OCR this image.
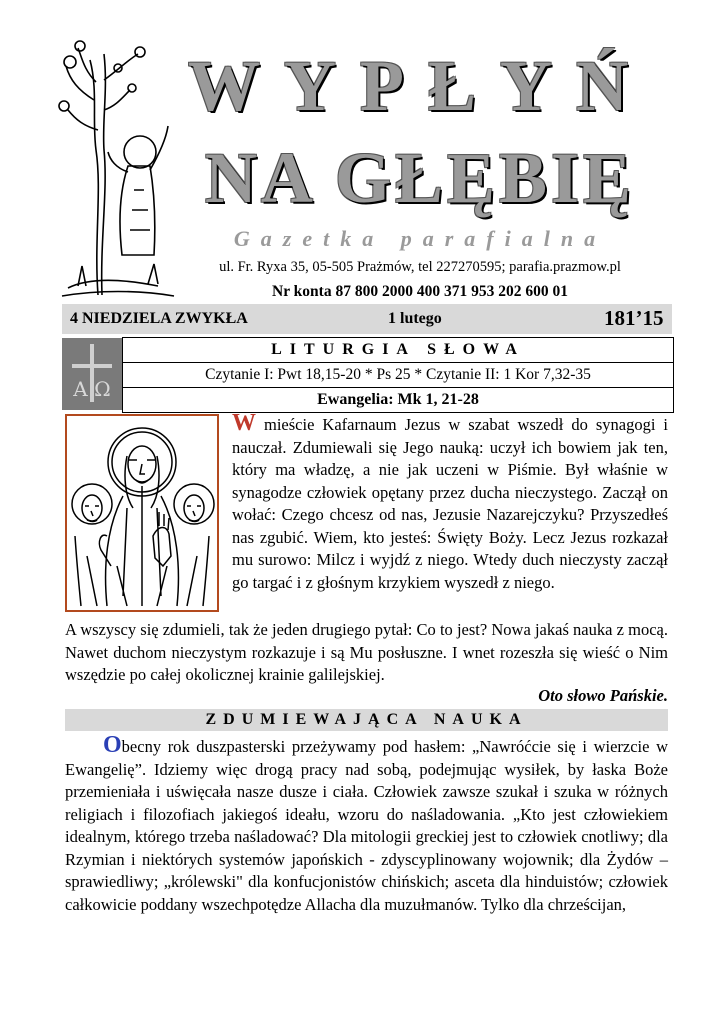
WYPŁYŃ
NA GŁĘBIĘ
Gazetka parafialna
ul. Fr. Ryxa 35, 05-505 Prażmów, tel 227270595; parafia.prazmow.pl
Nr konta 87 800 2000 400 371 953 202 600 01
4 NIEDZIELA ZWYKŁA	1 lutego	181’15
A Ω
LITURGIA SŁOWA
Czytanie I: Pwt 18,15-20 * Ps 25 * Czytanie II: 1 Kor 7,32-35
Ewangelia: Mk 1, 21-28
W mieście Kafarnaum Jezus w szabat wszedł do synagogi i nauczał. Zdumiewali się Jego nauką: uczył ich bowiem jak ten, który ma władzę, a nie jak uczeni w Piśmie. Był właśnie w synagodze człowiek opętany przez ducha nieczystego. Zaczął on wołać: Czego chcesz od nas, Jezusie Nazarejczyku? Przyszedłeś nas zgubić. Wiem, kto jesteś: Święty Boży. Lecz Jezus rozkazał mu surowo: Milcz i wyjdź z niego. Wtedy duch nieczysty zaczął go targać i z głośnym krzykiem wyszedł z niego.
A wszyscy się zdumieli, tak że jeden drugiego pytał: Co to jest? Nowa jakaś nauka z mocą. Nawet duchom nieczystym rozkazuje i są Mu posłuszne. I wnet rozeszła się wieść o Nim wszędzie po całej okolicznej krainie galilejskiej.
Oto słowo Pańskie.
ZDUMIEWAJĄCA NAUKA
Obecny rok duszpasterski przeżywamy pod hasłem: „Nawróćcie się i wierzcie w Ewangelię”. Idziemy więc drogą pracy nad sobą, podejmując wysiłek, by łaska Boże przemieniała i uświęcała nasze dusze i ciała. Człowiek zawsze szukał i szuka w różnych religiach i filozofiach jakiegoś ideału, wzoru do naśladowania. „Kto jest człowiekiem idealnym, którego trzeba naśladować? Dla mitologii greckiej jest to człowiek cnotliwy; dla Rzymian i niektórych systemów japońskich - zdyscyplinowany wojownik; dla Żydów – sprawiedliwy; „królewski" dla konfucjonistów chińskich; asceta dla hinduistów; człowiek całkowicie poddany wszechpotędze Allacha dla muzułmanów. Tylko dla chrześcijan,
